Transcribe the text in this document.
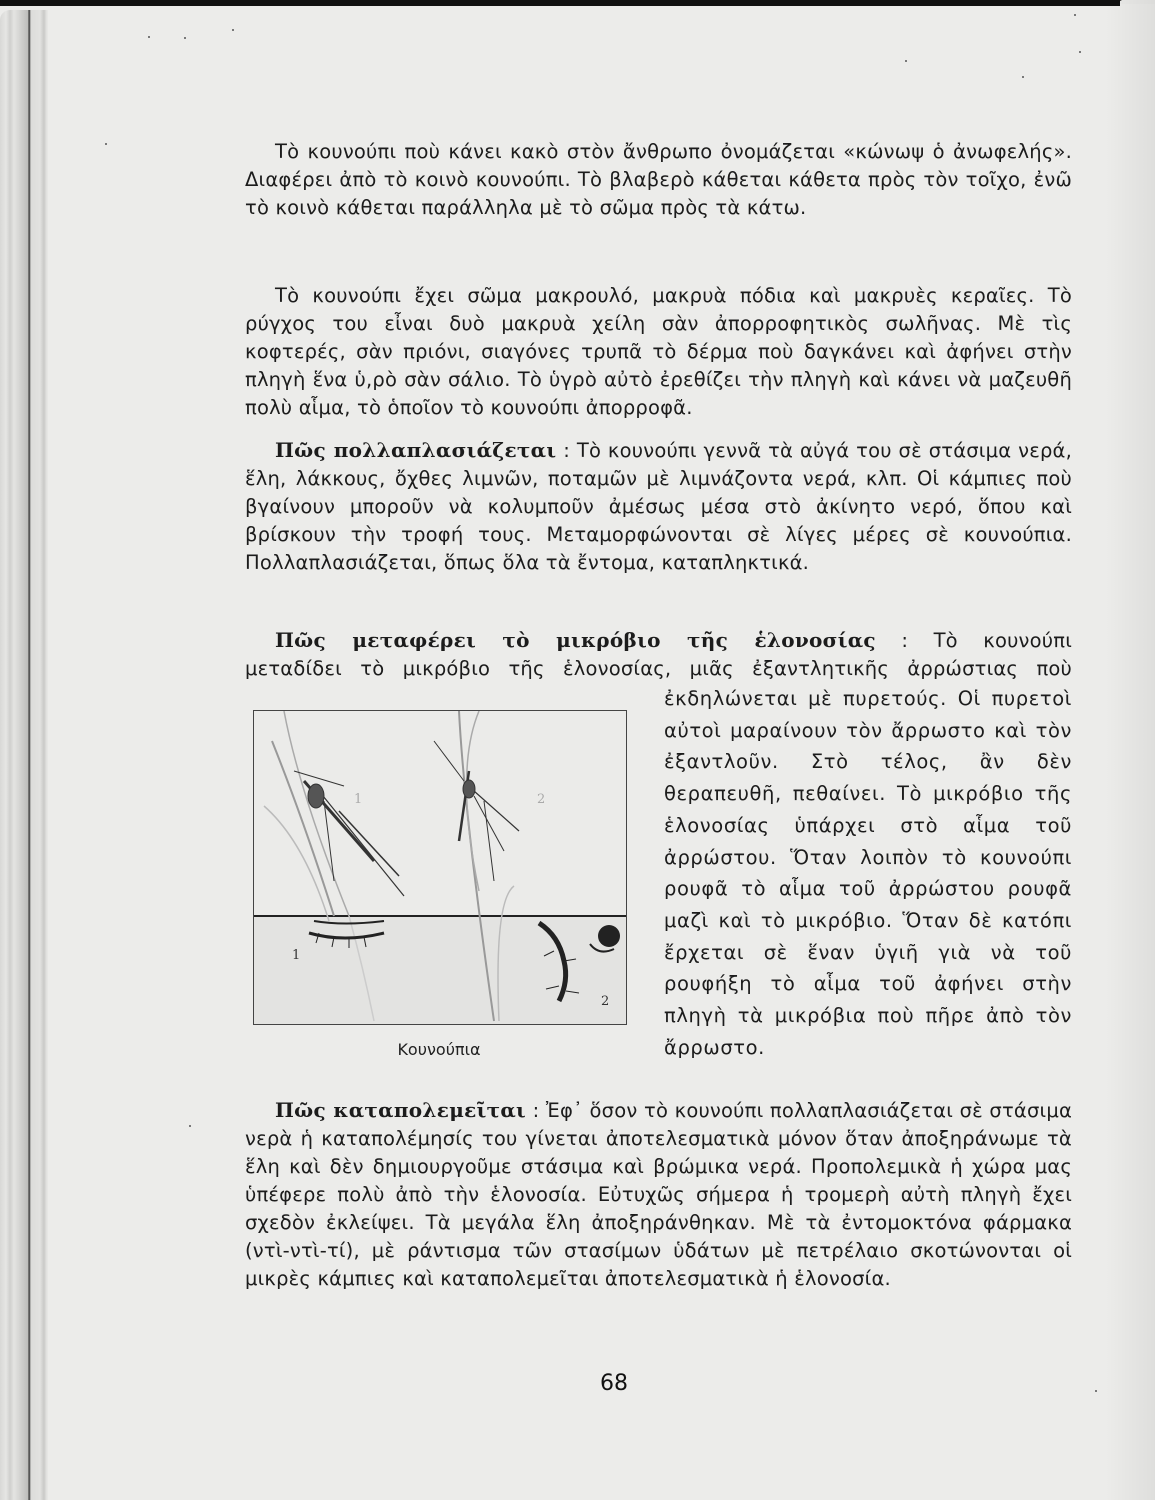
Τὸ κουνούπι ποὺ κάνει κακὸ στὸν ἄνθρωπο ὀνομάζεται «κώνωψ ὁ ἀνωφελής». Διαφέρει ἀπὸ τὸ κοινὸ κουνούπι. Τὸ βλαβερὸ κάθεται κάθετα πρὸς τὸν τοῖχο, ἐνῶ τὸ κοινὸ κάθεται παράλληλα μὲ τὸ σῶμα πρὸς τὰ κάτω.

Τὸ κουνούπι ἔχει σῶμα μακρουλό, μακρυὰ πόδια καὶ μακρυὲς κεραῖες. Τὸ ρύγχος του εἶναι δυὸ μακρυὰ χείλη σὰν ἀπορροφητικὸς σωλῆνας. Μὲ τὶς κοφτερές, σὰν πριόνι, σιαγόνες τρυπᾶ τὸ δέρμα ποὺ δαγκάνει καὶ ἀφήνει στὴν πληγὴ ἕνα ὑ,ρὸ σὰν σάλιο. Τὸ ὑγρὸ αὐτὸ ἐρεθίζει τὴν πληγὴ καὶ κάνει νὰ μαζευθῆ πολὺ αἷμα, τὸ ὁποῖον τὸ κουνούπι ἀπορροφᾶ.

Πῶς πολλαπλασιάζεται : Τὸ κουνούπι γεννᾶ τὰ αὐγά του σὲ στάσιμα νερά, ἕλη, λάκκους, ὄχθες λιμνῶν, ποταμῶν μὲ λιμνάζοντα νερά, κλπ. Οἱ κάμπιες ποὺ βγαίνουν μποροῦν νὰ κολυμποῦν ἀμέσως μέσα στὸ ἀκίνητο νερό, ὅπου καὶ βρίσκουν τὴν τροφή τους. Μεταμορφώνονται σὲ λίγες μέρες σὲ κουνούπια. Πολλαπλασιάζεται, ὅπως ὅλα τὰ ἔντομα, καταπληκτικά.

Πῶς μεταφέρει τὸ μικρόβιο τῆς ἑλονοσίας : Τὸ κουνούπι

μεταδίδει τὸ μικρόβιο τῆς ἑλονοσίας, μιᾶς ἐξαντλητικῆς ἀρρώστιας ποὺ

ἐκδηλώνεται μὲ πυρετούς. Οἱ πυρετοὶ αὐτοὶ μαραίνουν τὸν ἄρρωστο καὶ τὸν ἐξαντλοῦν. Στὸ τέλος, ἂν δὲν θεραπευθῆ, πεθαίνει. Τὸ μικρόβιο τῆς ἑλονοσίας ὑπάρχει στὸ αἷμα τοῦ ἀρρώστου. Ὅταν λοιπὸν τὸ κουνούπι ρουφᾶ τὸ αἷμα τοῦ ἀρρώστου ρουφᾶ μαζὶ καὶ τὸ μικρόβιο. Ὅταν δὲ κατόπι ἔρχεται σὲ ἕναν ὑγιῆ γιὰ νὰ τοῦ ρουφήξη τὸ αἷμα τοῦ ἀφήνει στὴν πληγὴ τὰ μικρόβια ποὺ πῆρε ἀπὸ τὸν ἄρρωστο.
1	2
1
2
Κουνούπια

Πῶς καταπολεμεῖται : Ἐφ᾽ ὅσον τὸ κουνούπι πολλαπλασιάζεται σὲ στάσιμα νερὰ ἡ καταπολέμησίς του γίνεται ἀποτελεσματικὰ μόνον ὅταν ἀποξηράνωμε τὰ ἕλη καὶ δὲν δημιουργοῦμε στάσιμα καὶ βρώμικα νερά. Προπολεμικὰ ἡ χώρα μας ὑπέφερε πολὺ ἀπὸ τὴν ἑλονοσία. Εὐτυχῶς σήμερα ἡ τρομερὴ αὐτὴ πληγὴ ἔχει σχεδὸν ἐκλείψει. Τὰ μεγάλα ἕλη ἀποξηράνθηκαν. Μὲ τὰ ἐντομοκτόνα φάρμακα (ντὶ-ντὶ-τί), μὲ ράντισμα τῶν στασίμων ὑδάτων μὲ πετρέλαιο σκοτώνονται οἱ μικρὲς κάμπιες καὶ καταπολεμεῖται ἀποτελεσματικὰ ἡ ἑλονοσία.

68
